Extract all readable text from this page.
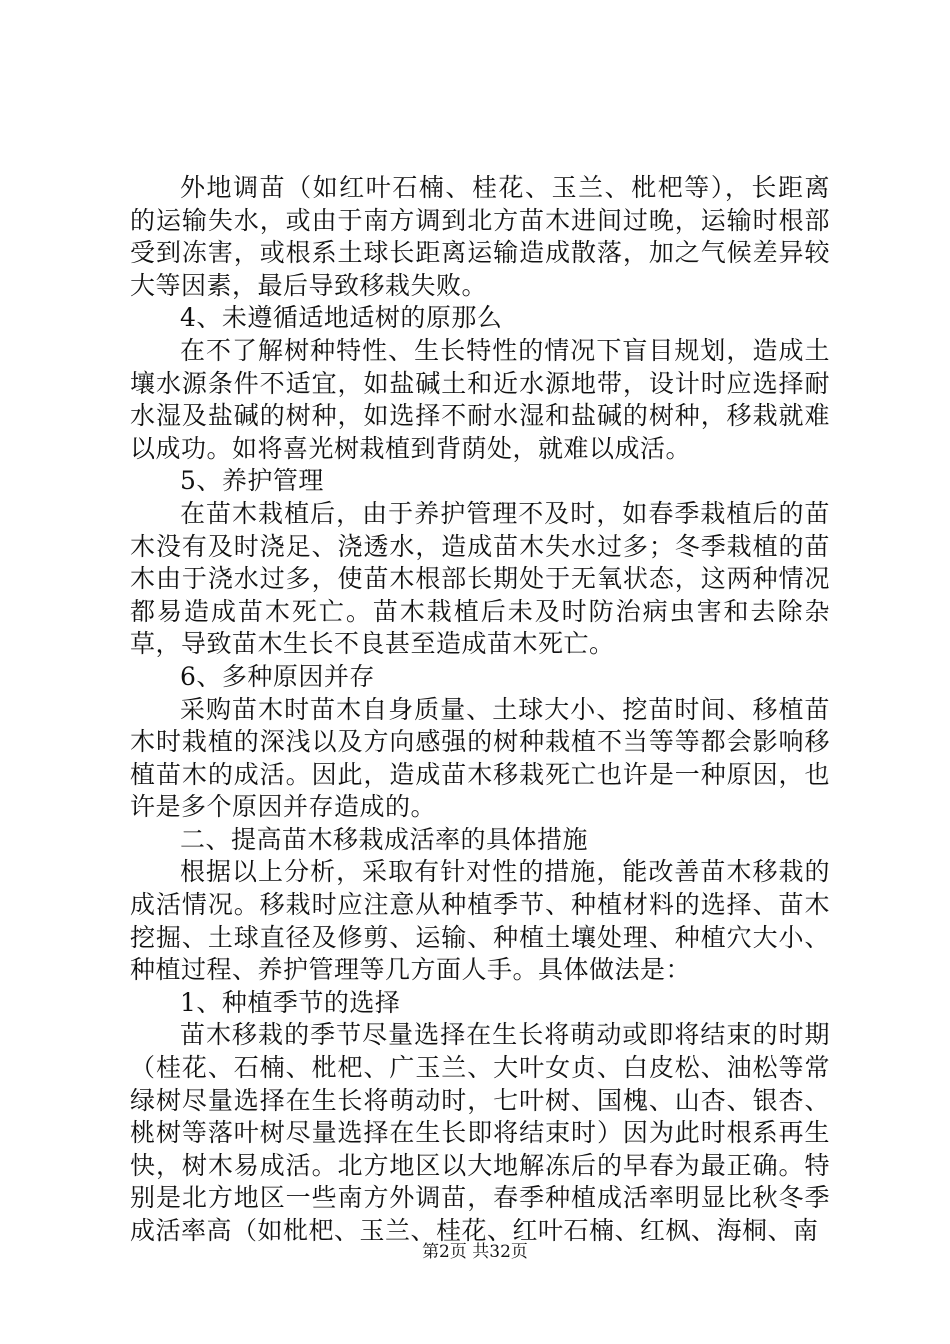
外地调苗（如红叶石楠、桂花、玉兰、枇杷等），长距离的运输失水，或由于南方调到北方苗木进间过晚，运输时根部受到冻害，或根系土球长距离运输造成散落，加之气候差异较大等因素，最后导致移栽失败。

4、未遵循适地适树的原那么

在不了解树种特性、生长特性的情况下盲目规划，造成土壤水源条件不适宜，如盐碱土和近水源地带，设计时应选择耐水湿及盐碱的树种，如选择不耐水湿和盐碱的树种，移栽就难以成功。如将喜光树栽植到背荫处，就难以成活。

5、养护管理

在苗木栽植后，由于养护管理不及时，如春季栽植后的苗木没有及时浇足、浇透水，造成苗木失水过多；冬季栽植的苗木由于浇水过多，使苗木根部长期处于无氧状态，这两种情况都易造成苗木死亡。苗木栽植后未及时防治病虫害和去除杂草，导致苗木生长不良甚至造成苗木死亡。

6、多种原因并存

采购苗木时苗木自身质量、土球大小、挖苗时间、移植苗木时栽植的深浅以及方向感强的树种栽植不当等等都会影响移植苗木的成活。因此，造成苗木移栽死亡也许是一种原因，也许是多个原因并存造成的。

二、提高苗木移栽成活率的具体措施

根据以上分析，采取有针对性的措施，能改善苗木移栽的成活情况。移栽时应注意从种植季节、种植材料的选择、苗木挖掘、土球直径及修剪、运输、种植土壤处理、种植穴大小、种植过程、养护管理等几方面人手。具体做法是：

1、种植季节的选择

苗木移栽的季节尽量选择在生长将萌动或即将结束的时期（桂花、石楠、枇杷、广玉兰、大叶女贞、白皮松、油松等常绿树尽量选择在生长将萌动时，七叶树、国槐、山杏、银杏、桃树等落叶树尽量选择在生长即将结束时）因为此时根系再生快，树木易成活。北方地区以大地解冻后的早春为最正确。特别是北方地区一些南方外调苗，春季种植成活率明显比秋冬季成活率高（如枇杷、玉兰、桂花、红叶石楠、红枫、海桐、南

第2页 共32页
